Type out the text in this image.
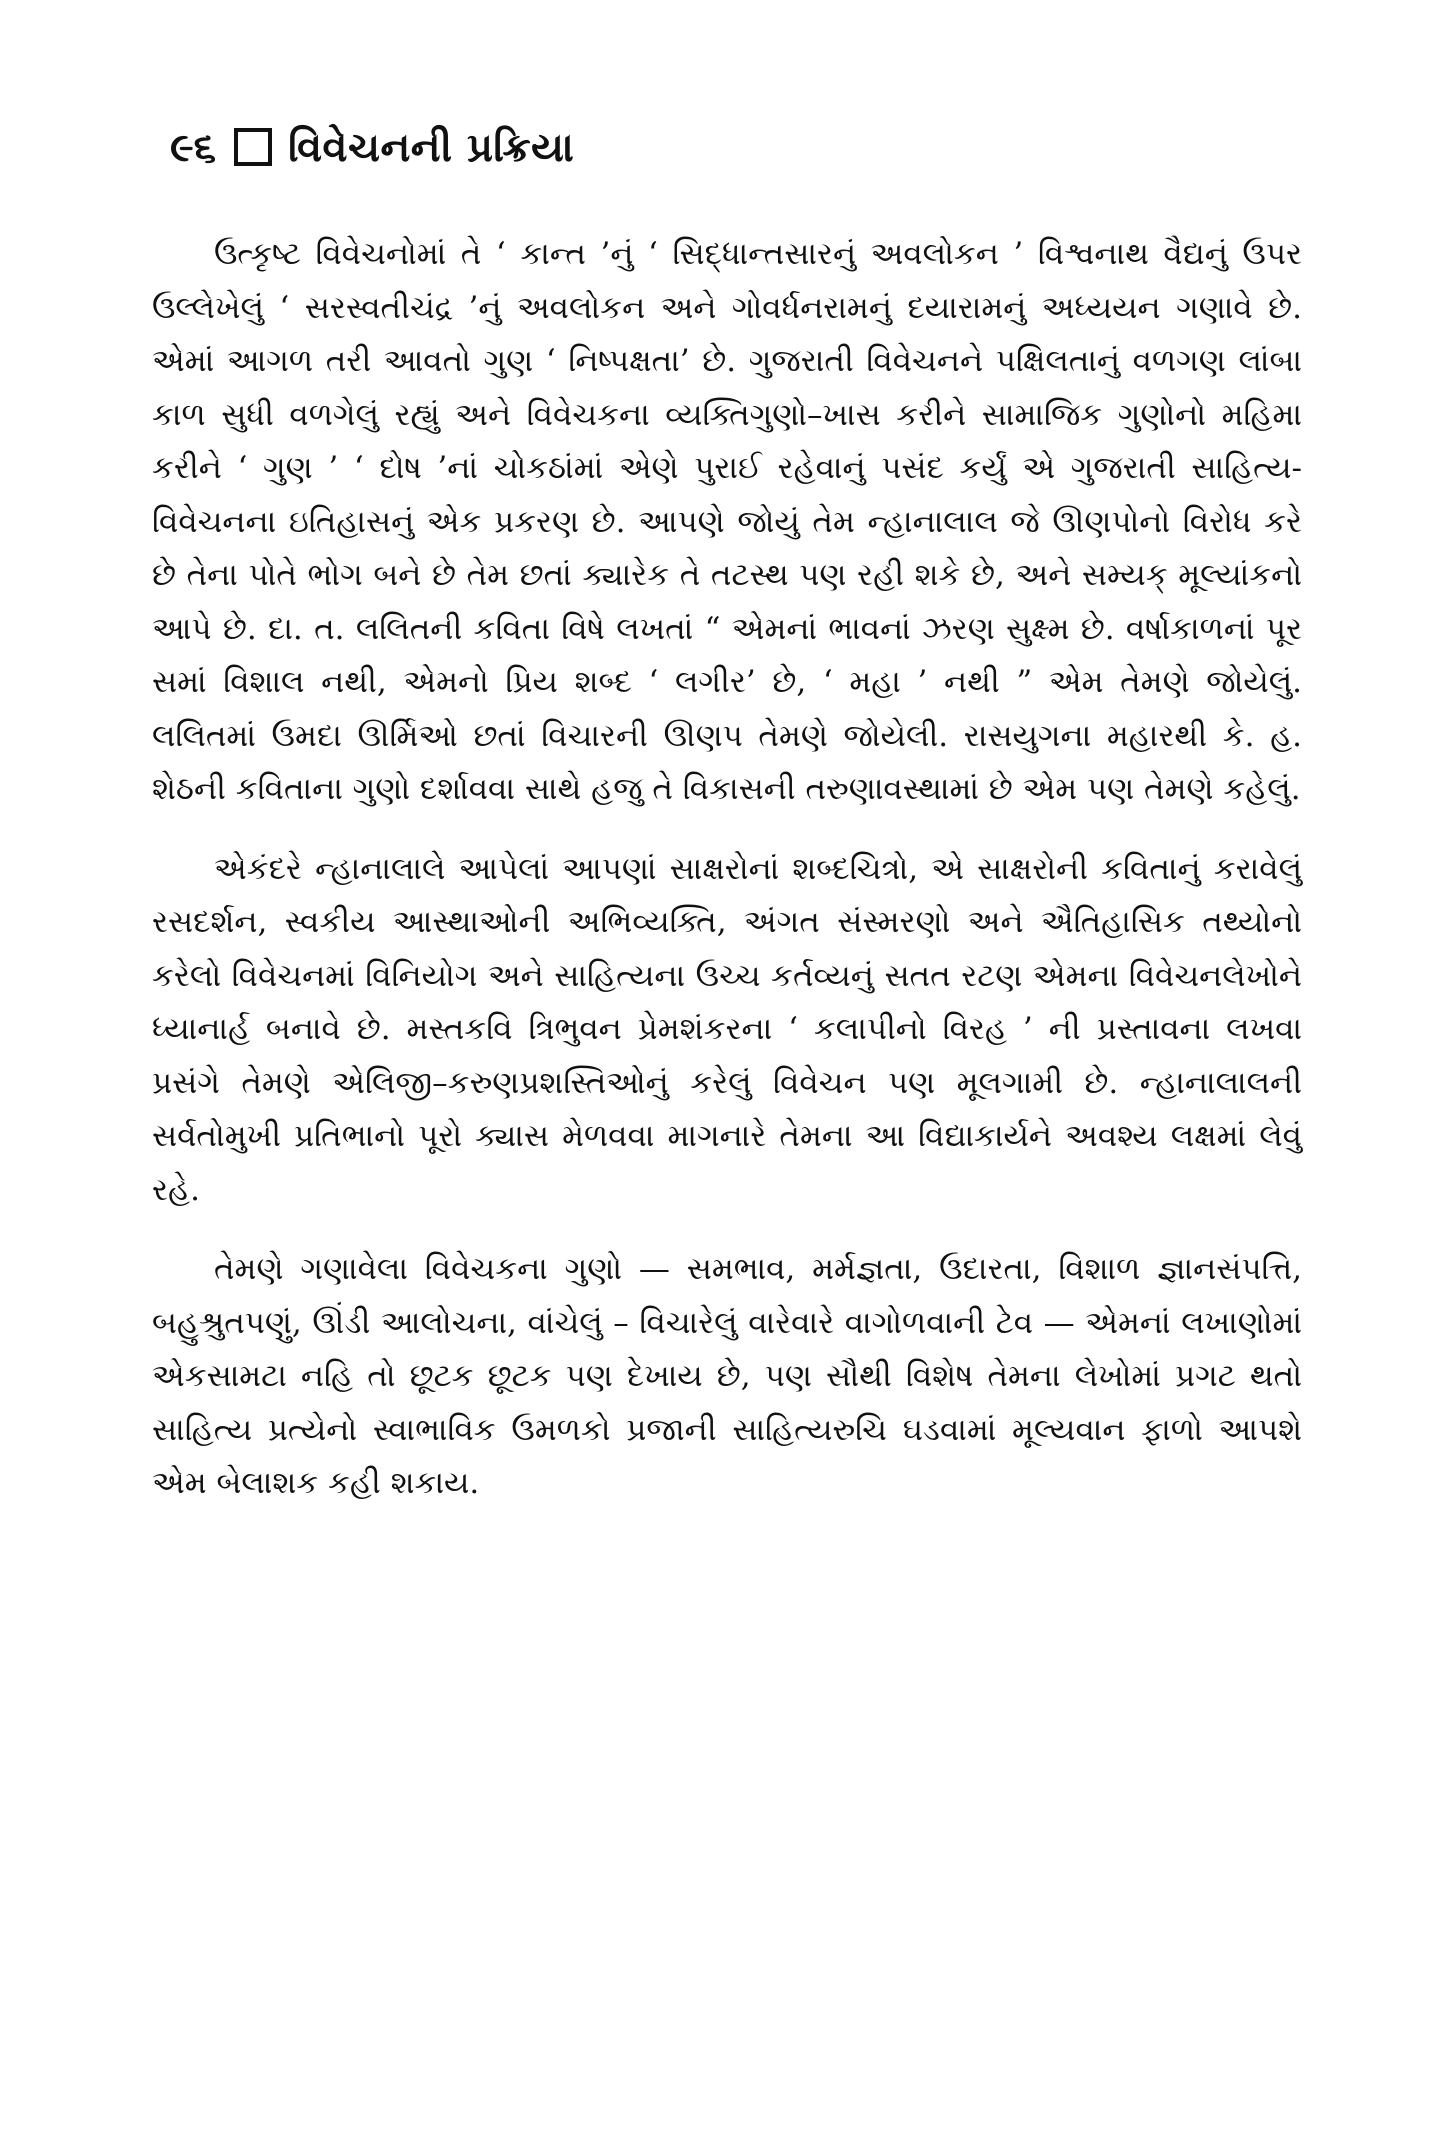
૯૬ વિવેચનની પ્રક્રિયા

ઉત્કૃષ્ટ વિવેચનોમાં તે ‘ કાન્ત ’નું ‘ સિદ્ધાન્તસારનું અવલોકન ’ વિશ્વનાથ વૈદ્યનું ઉપર ઉલ્લેખેલું ‘ સરસ્વતીચંદ્ર ’નું અવલોકન અને ગોવર્ધનરામનું દયારામનું અધ્યયન ગણાવે છે. એમાં આગળ તરી આવતો ગુણ ‘ નિષ્પક્ષતા’ છે. ગુજરાતી વિવેચનને પક્ષિલતાનું વળગણ લાંબા કાળ સુધી વળગેલું રહ્યું અને વિવેચકના વ્યક્તિગુણો–ખાસ કરીને સામાજિક ગુણોનો મહિમા કરીને ‘ ગુણ ’ ‘ દોષ ’નાં ચોકઠાંમાં એણે પુરાઈ રહેવાનું પસંદ કર્યું એ ગુજરાતી સાહિત્ય-વિવેચનના ઇતિહાસનું એક પ્રકરણ છે. આપણે જોયું તેમ ન્હાનાલાલ જે ઊણપોનો વિરોધ કરે છે તેના પોતે ભોગ બને છે તેમ છતાં ક્યારેક તે તટસ્થ પણ રહી શકે છે, અને સમ્યક્ મૂલ્યાંકનો આપે છે. દા. ત. લલિતની કવિતા વિષે લખતાં “ એમનાં ભાવનાં ઝરણ સુક્ષ્મ છે. વર્ષાકાળનાં પૂર સમાં વિશાલ નથી, એમનો પ્રિય શબ્દ ‘ લગીર’ છે, ‘ મહા ’ નથી ” એમ તેમણે જોયેલું. લલિતમાં ઉમદા ઊર્મિઓ છતાં વિચારની ઊણપ તેમણે જોયેલી. રાસયુગના મહારથી કે. હ. શેઠની કવિતાના ગુણો દર્શાવવા સાથે હજુ તે વિકાસની તરુણાવસ્થામાં છે એમ પણ તેમણે કહેલું.

એકંદરે ન્હાનાલાલે આપેલાં આપણાં સાક્ષરોનાં શબ્દચિત્રો, એ સાક્ષરોની કવિતાનું કરાવેલું રસદર્શન, સ્વકીય આસ્થાઓની અભિવ્યક્તિ, અંગત સંસ્મરણો અને ઐતિહાસિક તથ્યોનો કરેલો વિવેચનમાં વિનિયોગ અને સાહિત્યના ઉચ્ચ કર્તવ્યનું સતત રટણ એમના વિવેચનલેખોને ધ્યાનાર્હ બનાવે છે. મસ્તકવિ ત્રિભુવન પ્રેમશંકરના ‘ કલાપીનો વિરહ ’ ની પ્રસ્તાવના લખવા પ્રસંગે તેમણે એલિજી–કરુણપ્રશસ્તિઓનું કરેલું વિવેચન પણ મૂલગામી છે. ન્હાનાલાલની સર્વતોમુખી પ્રતિભાનો પૂરો ક્યાસ મેળવવા માગનારે તેમના આ વિદ્યાકાર્યને અવશ્ય લક્ષમાં લેવું રહે.

તેમણે ગણાવેલા વિવેચકના ગુણો — સમભાવ, મર્મજ્ઞતા, ઉદારતા, વિશાળ જ્ઞાનસંપત્તિ, બહુશ્રુતપણું, ઊંડી આલોચના, વાંચેલું – વિચારેલું વારેવારે વાગોળવાની ટેવ — એમનાં લખાણોમાં એકસામટા નહિ તો છૂટક છૂટક પણ દેખાય છે, પણ સૌથી વિશેષ તેમના લેખોમાં પ્રગટ થતો સાહિત્ય પ્રત્યેનો સ્વાભાવિક ઉમળકો પ્રજાની સાહિત્યરુચિ ઘડવામાં મૂલ્યવાન ફાળો આપશે એમ બેલાશક કહી શકાય.
